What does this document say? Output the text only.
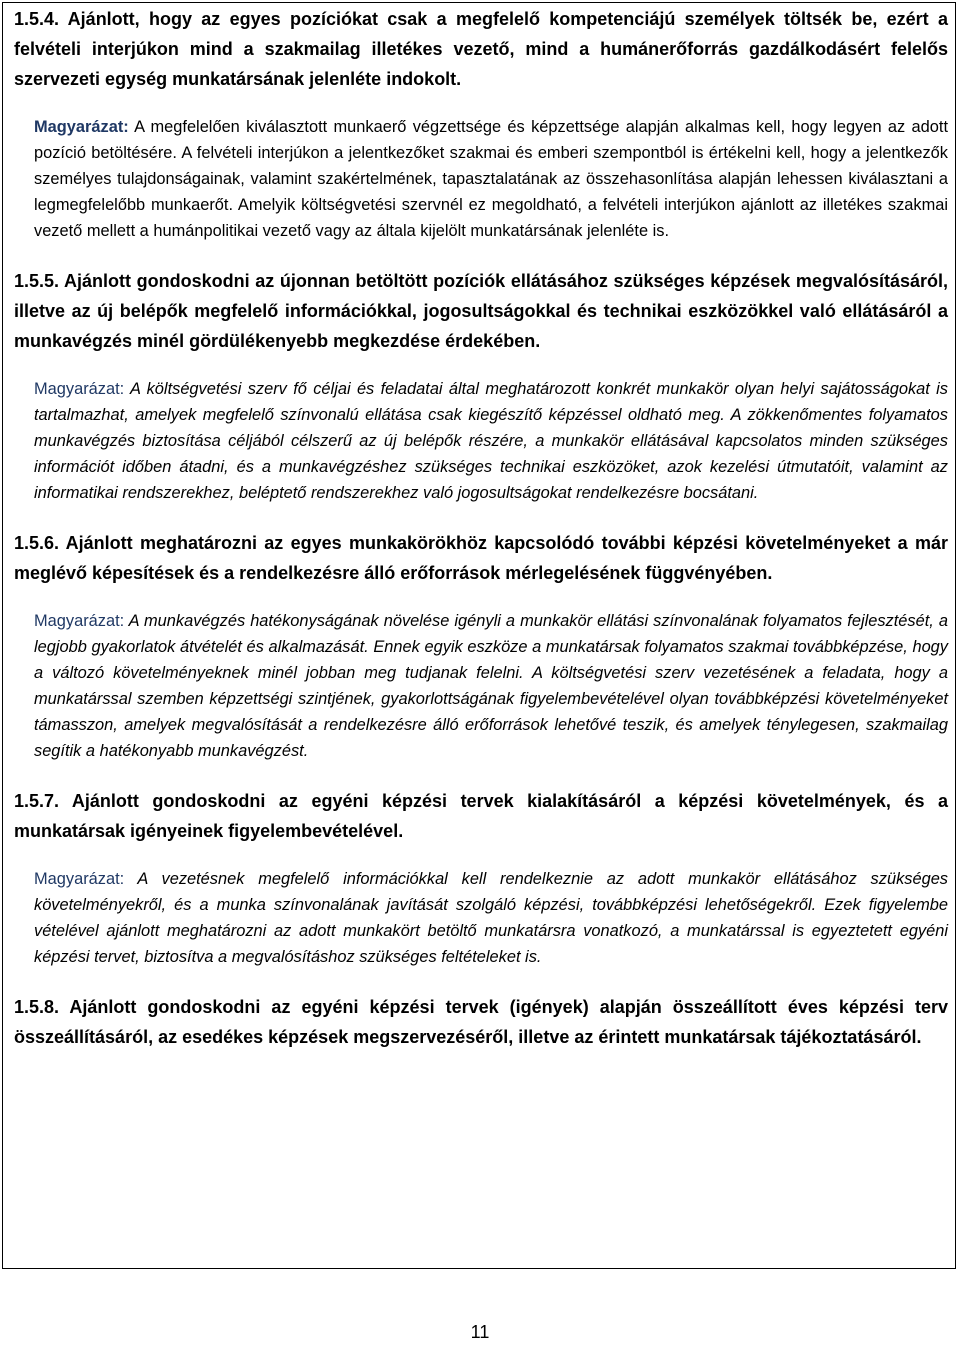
1.5.4. Ajánlott, hogy az egyes pozíciókat csak a megfelelő kompetenciájú személyek töltsék be, ezért a felvételi interjúkon mind a szakmailag illetékes vezető, mind a humánerőforrás gazdálkodásért felelős szervezeti egység munkatársának jelenléte indokolt.

Magyarázat: A megfelelően kiválasztott munkaerő végzettsége és képzettsége alapján alkalmas kell, hogy legyen az adott pozíció betöltésére. A felvételi interjúkon a jelentkezőket szakmai és emberi szempontból is értékelni kell, hogy a jelentkezők személyes tulajdonságainak, valamint szakértelmének, tapasztalatának az összehasonlítása alapján lehessen kiválasztani a legmegfelelőbb munkaerőt. Amelyik költségvetési szervnél ez megoldható, a felvételi interjúkon ajánlott az illetékes szakmai vezető mellett a humánpolitikai vezető vagy az általa kijelölt munkatársának jelenléte is.

1.5.5. Ajánlott gondoskodni az újonnan betöltött pozíciók ellátásához szükséges képzések megvalósításáról, illetve az új belépők megfelelő információkkal, jogosultságokkal és technikai eszközökkel való ellátásáról a munkavégzés minél gördülékenyebb megkezdése érdekében.

Magyarázat: A költségvetési szerv fő céljai és feladatai által meghatározott konkrét munkakör olyan helyi sajátosságokat is tartalmazhat, amelyek megfelelő színvonalú ellátása csak kiegészítő képzéssel oldható meg. A zökkenőmentes folyamatos munkavégzés biztosítása céljából célszerű az új belépők részére, a munkakör ellátásával kapcsolatos minden szükséges információt időben átadni, és a munkavégzéshez szükséges technikai eszközöket, azok kezelési útmutatóit, valamint az informatikai rendszerekhez, beléptető rendszerekhez való jogosultságokat rendelkezésre bocsátani.

1.5.6. Ajánlott meghatározni az egyes munkakörökhöz kapcsolódó további képzési követelményeket a már meglévő képesítések és a rendelkezésre álló erőforrások mérlegelésének függvényében.

Magyarázat: A munkavégzés hatékonyságának növelése igényli a munkakör ellátási színvonalának folyamatos fejlesztését, a legjobb gyakorlatok átvételét és alkalmazását. Ennek egyik eszköze a munkatársak folyamatos szakmai továbbképzése, hogy a változó követelményeknek minél jobban meg tudjanak felelni. A költségvetési szerv vezetésének a feladata, hogy a munkatárssal szemben képzettségi szintjének, gyakorlottságának figyelembevételével olyan továbbképzési követelményeket támasszon, amelyek megvalósítását a rendelkezésre álló erőforrások lehetővé teszik, és amelyek ténylegesen, szakmailag segítik a hatékonyabb munkavégzést.

1.5.7. Ajánlott gondoskodni az egyéni képzési tervek kialakításáról a képzési követelmények, és a munkatársak igényeinek figyelembevételével.

Magyarázat: A vezetésnek megfelelő információkkal kell rendelkeznie az adott munkakör ellátásához szükséges követelményekről, és a munka színvonalának javítását szolgáló képzési, továbbképzési lehetőségekről. Ezek figyelembe vételével ajánlott meghatározni az adott munkakört betöltő munkatársra vonatkozó, a munkatárssal is egyeztetett egyéni képzési tervet, biztosítva a megvalósításhoz szükséges feltételeket is.

1.5.8. Ajánlott gondoskodni az egyéni képzési tervek (igények) alapján összeállított éves képzési terv összeállításáról, az esedékes képzések megszervezéséről, illetve az érintett munkatársak tájékoztatásáról.

11
